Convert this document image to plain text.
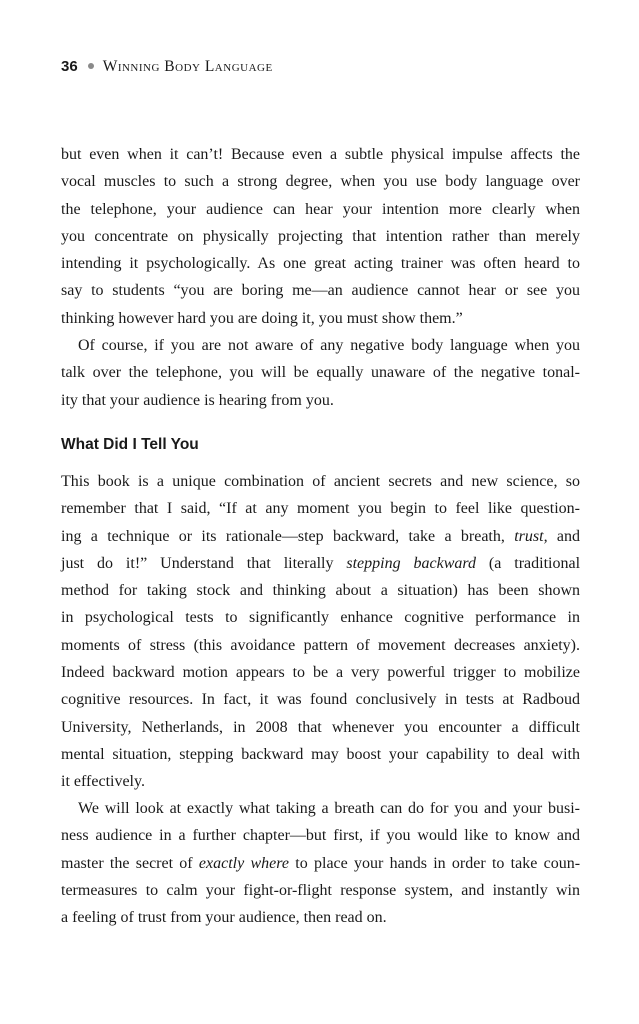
36 Winning Body Language
but even when it can’t! Because even a subtle physical impulse affects the
vocal muscles to such a strong degree, when you use body language over
the telephone, your audience can hear your intention more clearly when
you concentrate on physically projecting that intention rather than merely
intending it psychologically. As one great acting trainer was often heard to
say to students “you are boring me—an audience cannot hear or see you
thinking however hard you are doing it, you must show them.”
Of course, if you are not aware of any negative body language when you
talk over the telephone, you will be equally unaware of the negative tonal-
ity that your audience is hearing from you.
What Did I Tell You
This book is a unique combination of ancient secrets and new science, so
remember that I said, “If at any moment you begin to feel like question-
ing a technique or its rationale—step backward, take a breath, trust, and
just do it!” Understand that literally stepping backward (a traditional
method for taking stock and thinking about a situation) has been shown
in psychological tests to significantly enhance cognitive performance in
moments of stress (this avoidance pattern of movement decreases anxiety).
Indeed backward motion appears to be a very powerful trigger to mobilize
cognitive resources. In fact, it was found conclusively in tests at Radboud
University, Netherlands, in 2008 that whenever you encounter a difficult
mental situation, stepping backward may boost your capability to deal with
it effectively.
We will look at exactly what taking a breath can do for you and your busi-
ness audience in a further chapter—but first, if you would like to know and
master the secret of exactly where to place your hands in order to take coun-
termeasures to calm your fight-or-flight response system, and instantly win
a feeling of trust from your audience, then read on.
